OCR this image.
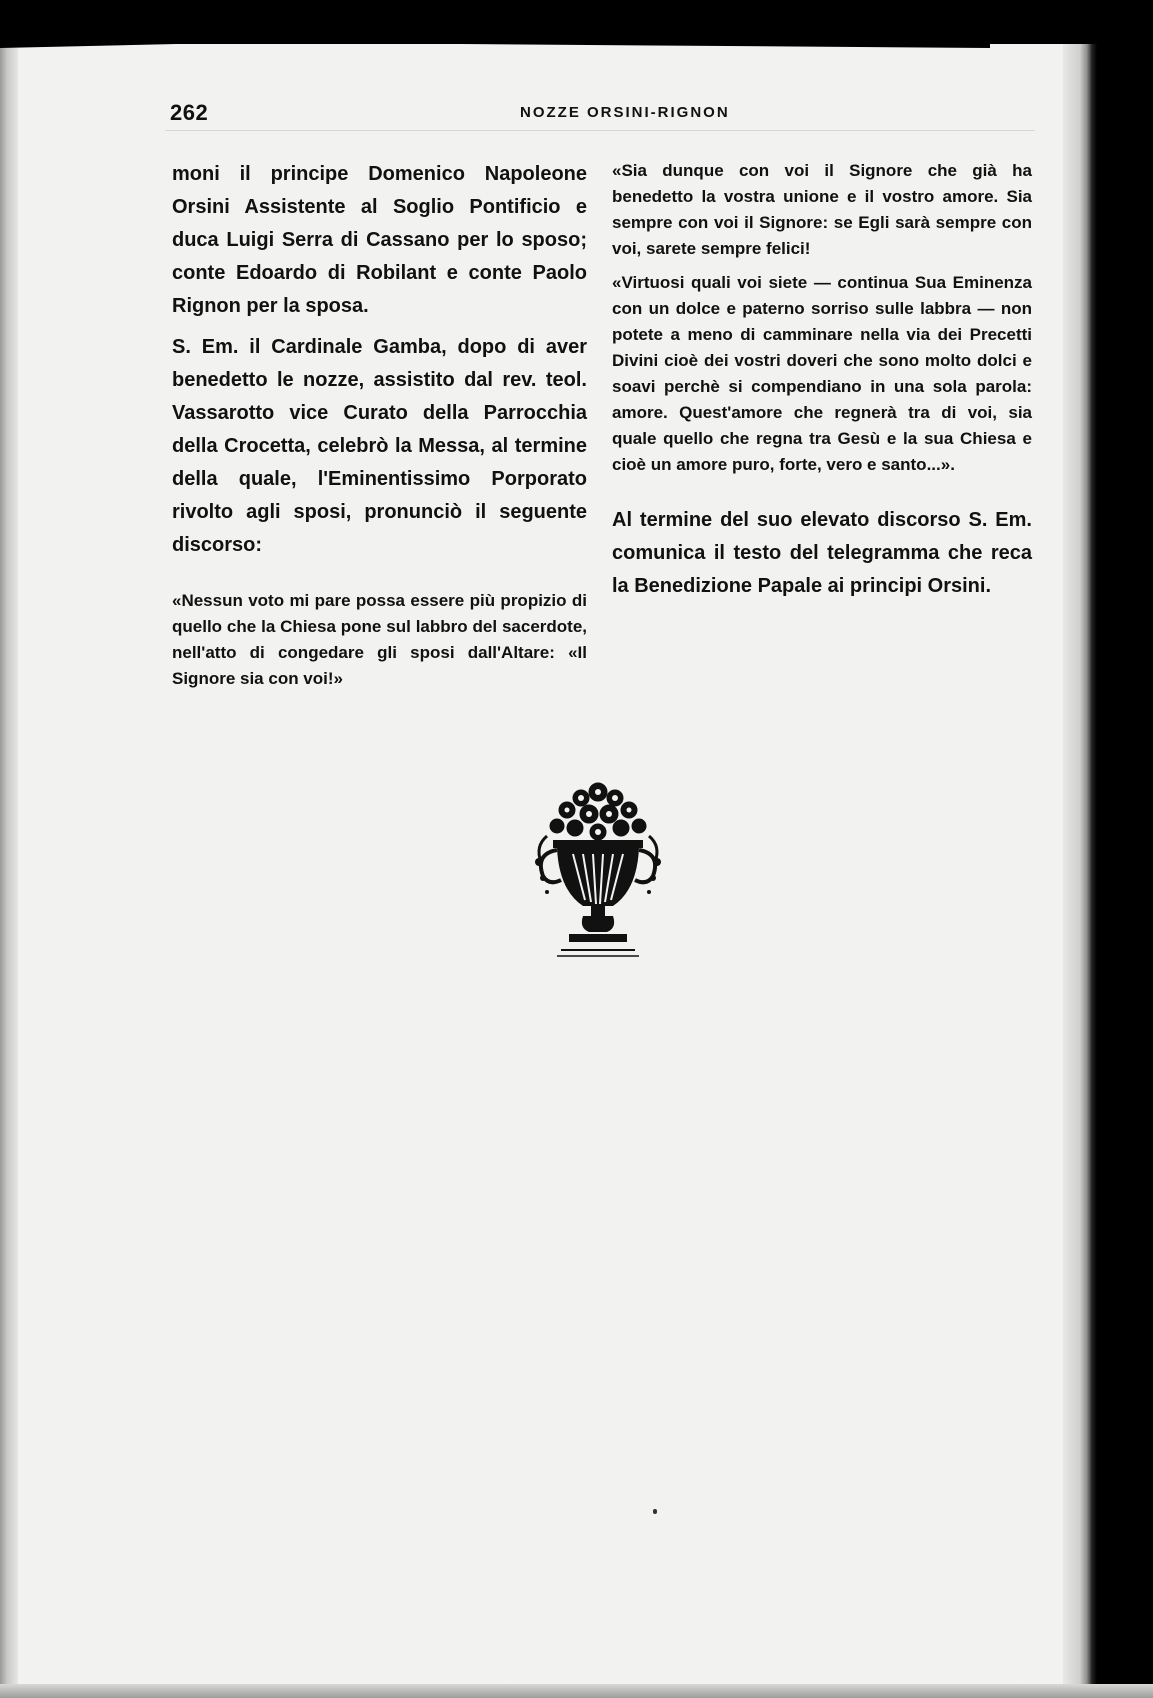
262	NOZZE ORSINI-RIGNON

moni il principe Domenico Napoleone Orsini Assistente al Soglio Pontificio e duca Luigi Serra di Cassano per lo sposo; conte Edoardo di Robilant e conte Paolo Rignon per la sposa.

S. Em. il Cardinale Gamba, dopo di aver benedetto le nozze, assistito dal rev. teol. Vassarotto vice Curato della Parrocchia della Crocetta, celebrò la Messa, al termine della quale, l'Eminentissimo Porporato rivolto agli sposi, pronunciò il seguente discorso:

«Nessun voto mi pare possa essere più propizio di quello che la Chiesa pone sul labbro del sacerdote, nell'atto di congedare gli sposi dall'Altare: «Il Signore sia con voi!»

«Sia dunque con voi il Signore che già ha benedetto la vostra unione e il vostro amore. Sia sempre con voi il Signore: se Egli sarà sempre con voi, sarete sempre felici!

«Virtuosi quali voi siete — continua Sua Eminenza con un dolce e paterno sorriso sulle labbra — non potete a meno di camminare nella via dei Precetti Divini cioè dei vostri doveri che sono molto dolci e soavi perchè si compendiano in una sola parola: amore. Quest'amore che regnerà tra di voi, sia quale quello che regna tra Gesù e la sua Chiesa e cioè un amore puro, forte, vero e santo...».

Al termine del suo elevato discorso S. Em. comunica il testo del telegramma che reca la Benedizione Papale ai principi Orsini.
